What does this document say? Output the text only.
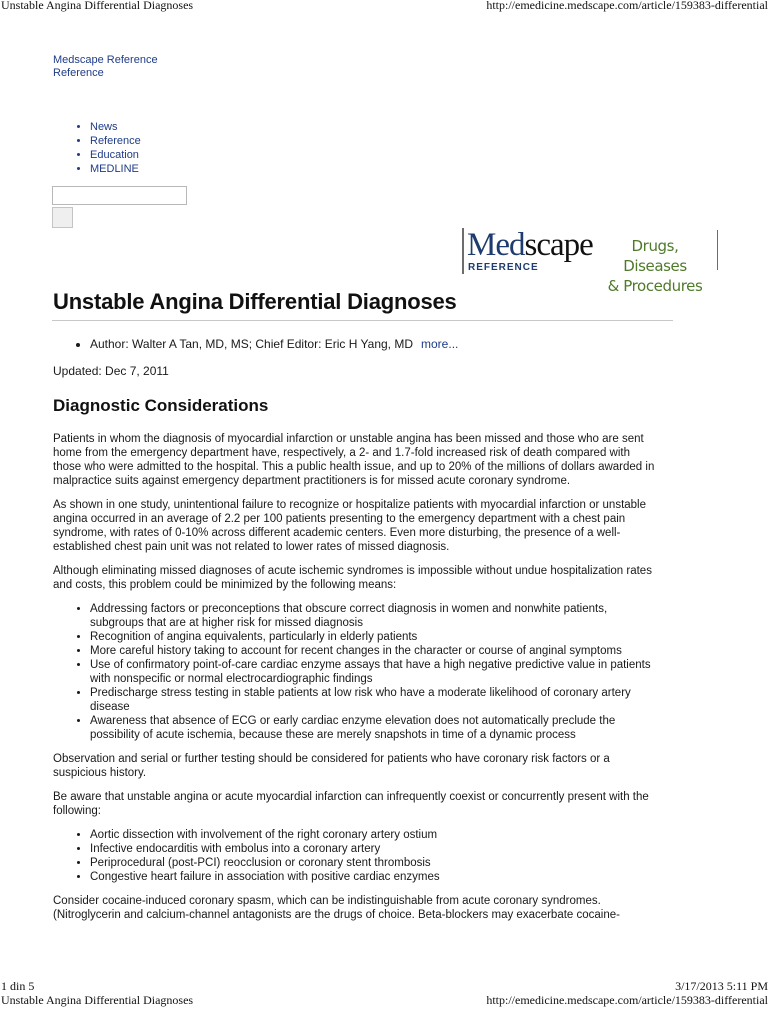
Unstable Angina Differential Diagnoses	http://emedicine.medscape.com/article/159383-differential
Medscape Reference
Reference
• News
• Reference
• Education
• MEDLINE
Medscape
REFERENCE
Drugs, Diseases
& Procedures
Unstable Angina Differential Diagnoses
• Author: Walter A Tan, MD, MS; Chief Editor: Eric H Yang, MD more...
Updated: Dec 7, 2011
Diagnostic Considerations

Patients in whom the diagnosis of myocardial infarction or unstable angina has been missed and those who are sent home from the emergency department have, respectively, a 2- and 1.7-fold increased risk of death compared with those who were admitted to the hospital. This a public health issue, and up to 20% of the millions of dollars awarded in malpractice suits against emergency department practitioners is for missed acute coronary syndrome.

As shown in one study, unintentional failure to recognize or hospitalize patients with myocardial infarction or unstable angina occurred in an average of 2.2 per 100 patients presenting to the emergency department with a chest pain syndrome, with rates of 0-10% across different academic centers. Even more disturbing, the presence of a well-established chest pain unit was not related to lower rates of missed diagnosis.

Although eliminating missed diagnoses of acute ischemic syndromes is impossible without undue hospitalization rates and costs, this problem could be minimized by the following means:

• Addressing factors or preconceptions that obscure correct diagnosis in women and nonwhite patients, subgroups that are at higher risk for missed diagnosis
• Recognition of angina equivalents, particularly in elderly patients
• More careful history taking to account for recent changes in the character or course of anginal symptoms
• Use of confirmatory point-of-care cardiac enzyme assays that have a high negative predictive value in patients with nonspecific or normal electrocardiographic findings
• Predischarge stress testing in stable patients at low risk who have a moderate likelihood of coronary artery disease
• Awareness that absence of ECG or early cardiac enzyme elevation does not automatically preclude the possibility of acute ischemia, because these are merely snapshots in time of a dynamic process

Observation and serial or further testing should be considered for patients who have coronary risk factors or a suspicious history.

Be aware that unstable angina or acute myocardial infarction can infrequently coexist or concurrently present with the following:

• Aortic dissection with involvement of the right coronary artery ostium
• Infective endocarditis with embolus into a coronary artery
• Periprocedural (post-PCI) reocclusion or coronary stent thrombosis
• Congestive heart failure in association with positive cardiac enzymes

Consider cocaine-induced coronary spasm, which can be indistinguishable from acute coronary syndromes. (Nitroglycerin and calcium-channel antagonists are the drugs of choice. Beta-blockers may exacerbate cocaine-

1 din 5	3/17/2013 5:11 PM
Unstable Angina Differential Diagnoses	http://emedicine.medscape.com/article/159383-differential
